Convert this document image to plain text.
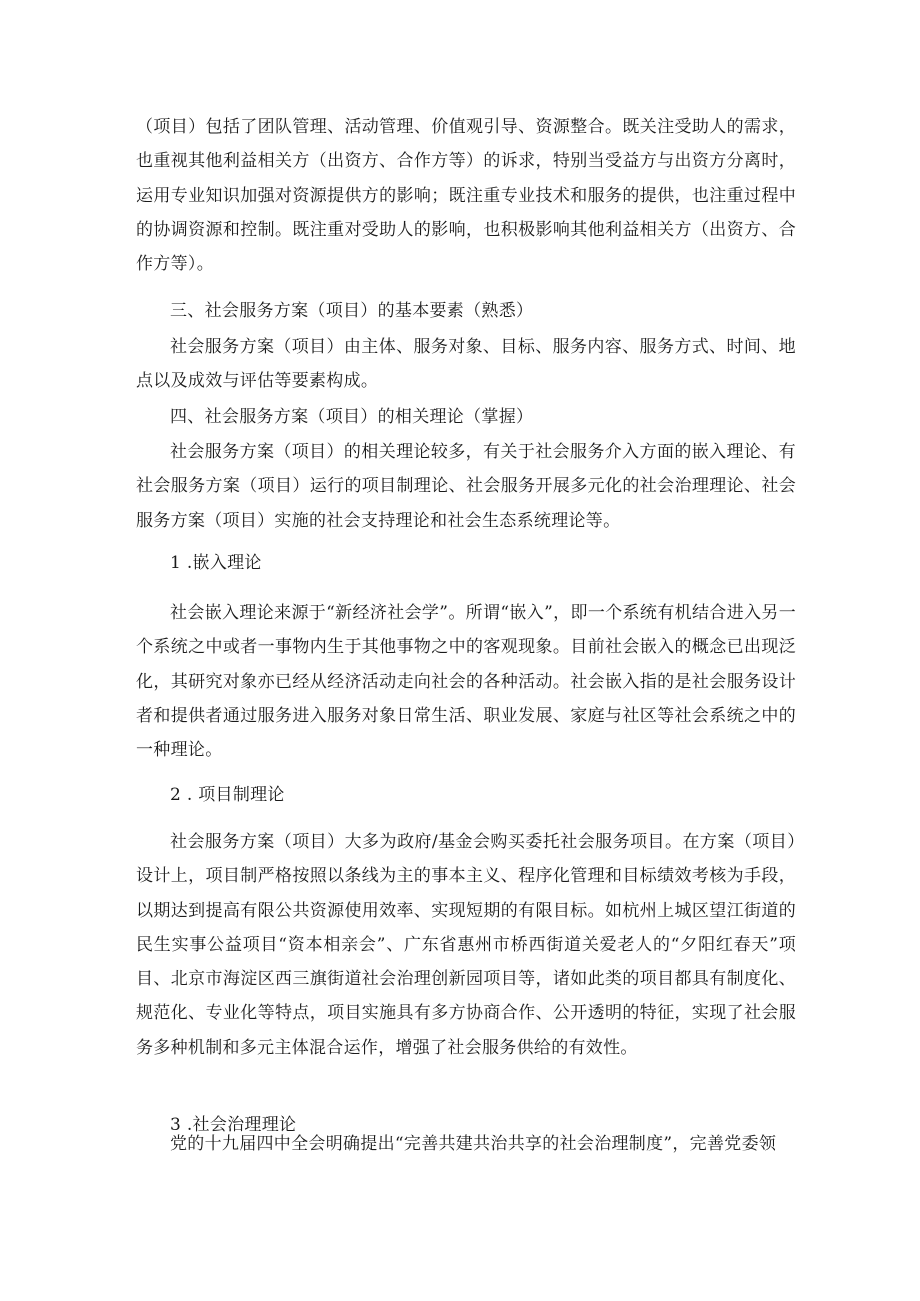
（项目）包括了团队管理、活动管理、价值观引导、资源整合。既关注受助人的需求，也重视其他利益相关方（出资方、合作方等）的诉求，特别当受益方与出资方分离时，运用专业知识加强对资源提供方的影响；既注重专业技术和服务的提供，也注重过程中的协调资源和控制。既注重对受助人的影响，也积极影响其他利益相关方（出资方、合作方等）。

三、社会服务方案（项目）的基本要素（熟悉）

社会服务方案（项目）由主体、服务对象、目标、服务内容、服务方式、时间、地点以及成效与评估等要素构成。

四、社会服务方案（项目）的相关理论（掌握）

社会服务方案（项目）的相关理论较多，有关于社会服务介入方面的嵌入理论、有社会服务方案（项目）运行的项目制理论、社会服务开展多元化的社会治理理论、社会服务方案（项目）实施的社会支持理论和社会生态系统理论等。

1 .嵌入理论

社会嵌入理论来源于“新经济社会学”。所谓“嵌入”，即一个系统有机结合进入另一个系统之中或者一事物内生于其他事物之中的客观现象。目前社会嵌入的概念已出现泛化，其研究对象亦已经从经济活动走向社会的各种活动。社会嵌入指的是社会服务设计者和提供者通过服务进入服务对象日常生活、职业发展、家庭与社区等社会系统之中的一种理论。

2 . 项目制理论

社会服务方案（项目）大多为政府/基金会购买委托社会服务项目。在方案（项目）设计上，项目制严格按照以条线为主的事本主义、程序化管理和目标绩效考核为手段，以期达到提高有限公共资源使用效率、实现短期的有限目标。如杭州上城区望江街道的民生实事公益项目“资本相亲会”、广东省惠州市桥西街道关爱老人的“夕阳红春天”项目、北京市海淀区西三旗街道社会治理创新园项目等，诸如此类的项目都具有制度化、规范化、专业化等特点，项目实施具有多方协商合作、公开透明的特征，实现了社会服务多种机制和多元主体混合运作，增强了社会服务供给的有效性。

3 .社会治理理论

党的十九届四中全会明确提出“完善共建共治共享的社会治理制度”，完善党委领
